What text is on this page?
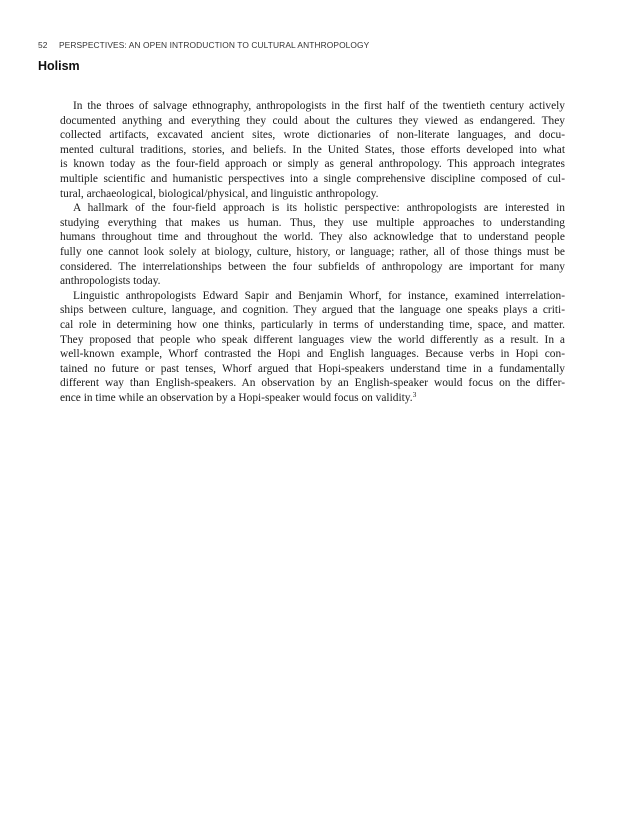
52 PERSPECTIVES: AN OPEN INTRODUCTION TO CULTURAL ANTHROPOLOGY
Holism

In the throes of salvage ethnography, anthropologists in the first half of the twentieth century actively
documented anything and everything they could about the cultures they viewed as endangered. They
collected artifacts, excavated ancient sites, wrote dictionaries of non-literate languages, and docu-
mented cultural traditions, stories, and beliefs. In the United States, those efforts developed into what
is known today as the four-field approach or simply as general anthropology. This approach integrates
multiple scientific and humanistic perspectives into a single comprehensive discipline composed of cul-
tural, archaeological, biological/physical, and linguistic anthropology.

A hallmark of the four-field approach is its holistic perspective: anthropologists are interested in
studying everything that makes us human. Thus, they use multiple approaches to understanding
humans throughout time and throughout the world. They also acknowledge that to understand people
fully one cannot look solely at biology, culture, history, or language; rather, all of those things must be
considered. The interrelationships between the four subfields of anthropology are important for many
anthropologists today.

Linguistic anthropologists Edward Sapir and Benjamin Whorf, for instance, examined interrelation-
ships between culture, language, and cognition. They argued that the language one speaks plays a criti-
cal role in determining how one thinks, particularly in terms of understanding time, space, and matter.
They proposed that people who speak different languages view the world differently as a result. In a
well-known example, Whorf contrasted the Hopi and English languages. Because verbs in Hopi con-
tained no future or past tenses, Whorf argued that Hopi-speakers understand time in a fundamentally
different way than English-speakers. An observation by an English-speaker would focus on the differ-
ence in time while an observation by a Hopi-speaker would focus on validity.$^3$
